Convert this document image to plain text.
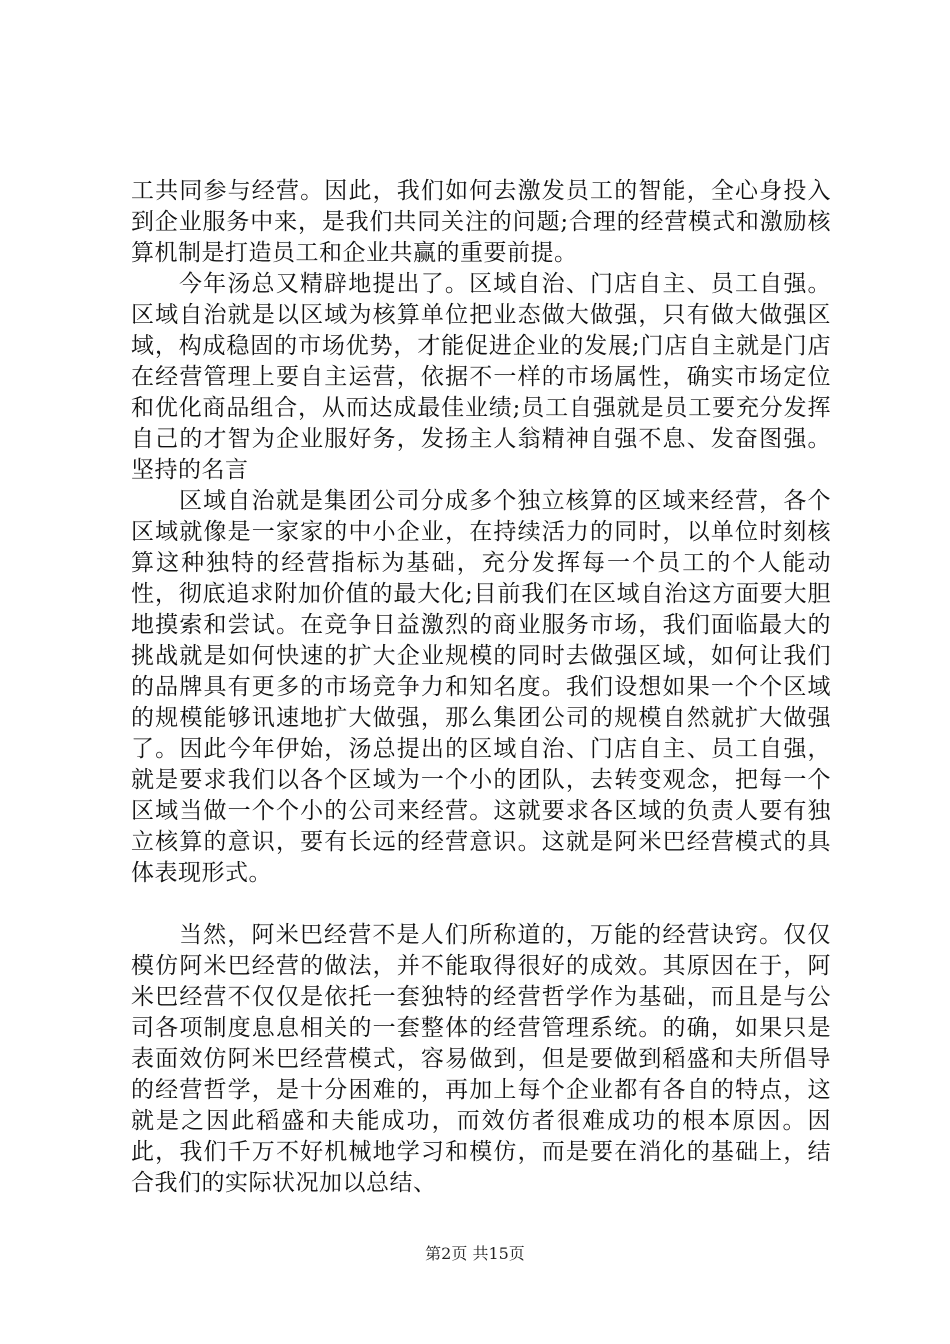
工共同参与经营。因此，我们如何去激发员工的智能，全心身投入到企业服务中来，是我们共同关注的问题;合理的经营模式和激励核算机制是打造员工和企业共赢的重要前提。

今年汤总又精辟地提出了。区域自治、门店自主、员工自强。区域自治就是以区域为核算单位把业态做大做强，只有做大做强区域，构成稳固的市场优势，才能促进企业的发展;门店自主就是门店在经营管理上要自主运营，依据不一样的市场属性，确实市场定位和优化商品组合，从而达成最佳业绩;员工自强就是员工要充分发挥自己的才智为企业服好务，发扬主人翁精神自强不息、发奋图强。坚持的名言

区域自治就是集团公司分成多个独立核算的区域来经营，各个区域就像是一家家的中小企业，在持续活力的同时，以单位时刻核算这种独特的经营指标为基础，充分发挥每一个员工的个人能动性，彻底追求附加价值的最大化;目前我们在区域自治这方面要大胆地摸索和尝试。在竞争日益激烈的商业服务市场，我们面临最大的挑战就是如何快速的扩大企业规模的同时去做强区域，如何让我们的品牌具有更多的市场竞争力和知名度。我们设想如果一个个区域的规模能够讯速地扩大做强，那么集团公司的规模自然就扩大做强了。因此今年伊始，汤总提出的区域自治、门店自主、员工自强，就是要求我们以各个区域为一个小的团队，去转变观念，把每一个区域当做一个个小的公司来经营。这就要求各区域的负责人要有独立核算的意识，要有长远的经营意识。这就是阿米巴经营模式的具体表现形式。

当然，阿米巴经营不是人们所称道的，万能的经营诀窍。仅仅模仿阿米巴经营的做法，并不能取得很好的成效。其原因在于，阿米巴经营不仅仅是依托一套独特的经营哲学作为基础，而且是与公司各项制度息息相关的一套整体的经营管理系统。的确，如果只是表面效仿阿米巴经营模式，容易做到，但是要做到稻盛和夫所倡导的经营哲学，是十分困难的，再加上每个企业都有各自的特点，这就是之因此稻盛和夫能成功，而效仿者很难成功的根本原因。因此，我们千万不好机械地学习和模仿，而是要在消化的基础上，结合我们的实际状况加以总结、

第2页 共15页
